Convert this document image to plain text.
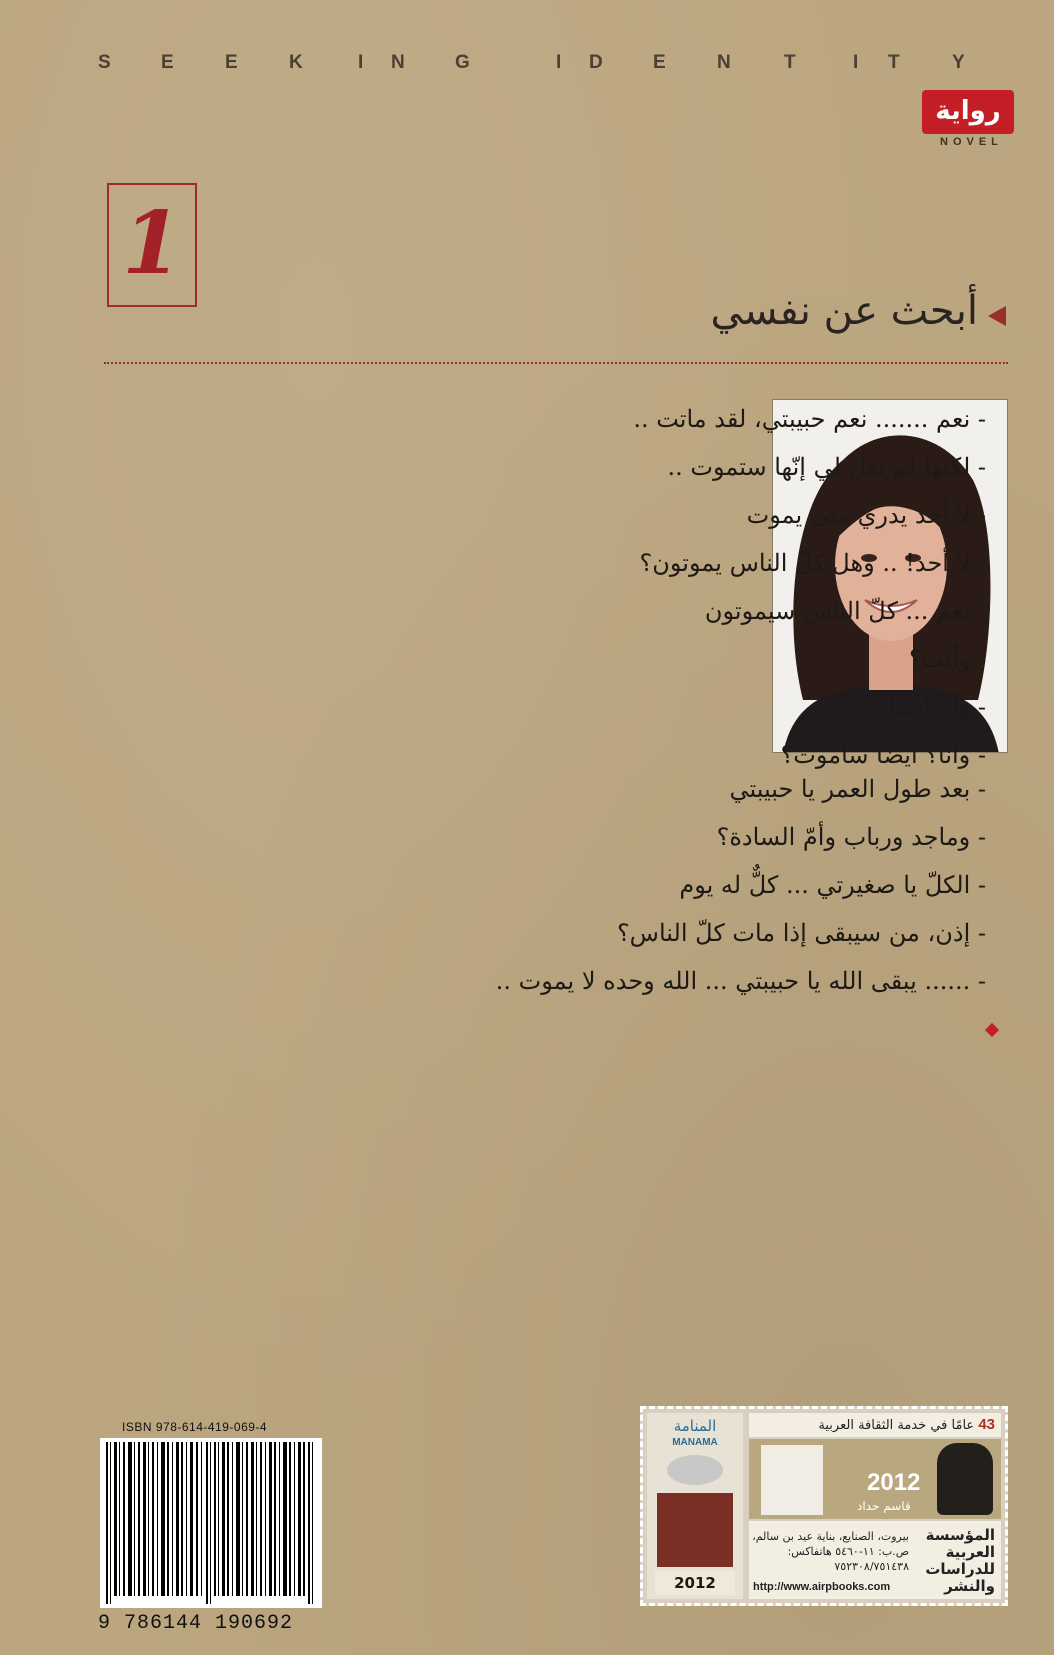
S	E	E	K	I N	G	I D	E	N	T	I T	Y
رواية
NOVEL
1
أبحث عن نفسي
- نعم ....... نعم حبيبتي، لقد ماتت ..
- لكنّها لم تقل لي إنّها ستموت ..
- لا أحد يدري متى يموت
- لا أحد! .. وهل كلّ الناس يموتون؟
- نعم ... كلّ الناس سيموتون
- وأنت؟
- وأنا أيضًا
- وأنا؟ أيضًا سأموت؟
- بعد طول العمر يا حبيبتي
- وماجد ورباب وأمّ السادة؟
- الكلّ يا صغيرتي ... كلٌّ له يوم
- إذن، من سيبقى إذا مات كلّ الناس؟
- ...... يبقى الله يا حبيبتي ... الله وحده لا يموت ..
ISBN 978-614-419-069-4
9 786144 190692
المنامة
MANAMA
2012
43 عامًا في خدمة الثقافة العربية
2012
قاسم حداد
المؤسسة العربية للدراسات والنشر
بيروت، الصنايع، بناية عيد بن سالم، ص.ب: ١١-٥٤٦٠ هاتفاكس: ٧٥٢٣٠٨/٧٥١٤٣٨
http://www.airpbooks.com
